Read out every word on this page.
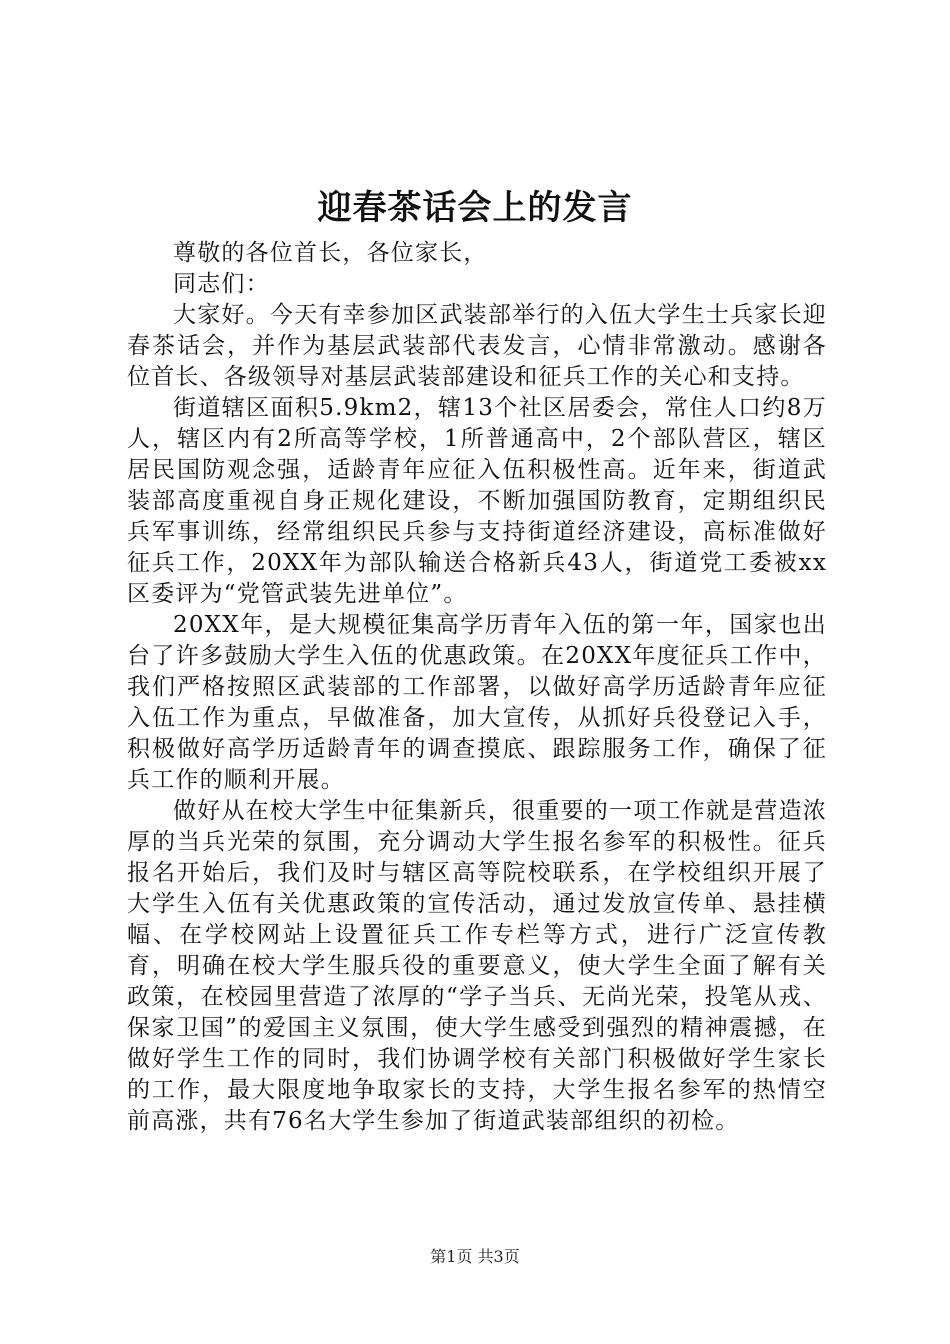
迎春茶话会上的发言

尊敬的各位首长，各位家长，

同志们：

大家好。今天有幸参加区武装部举行的入伍大学生士兵家长迎春茶话会，并作为基层武装部代表发言，心情非常激动。感谢各位首长、各级领导对基层武装部建设和征兵工作的关心和支持。

街道辖区面积5.9km2，辖13个社区居委会，常住人口约8万人，辖区内有2所高等学校，1所普通高中，2个部队营区，辖区居民国防观念强，适龄青年应征入伍积极性高。近年来，街道武装部高度重视自身正规化建设，不断加强国防教育，定期组织民兵军事训练，经常组织民兵参与支持街道经济建设，高标准做好征兵工作，20XX年为部队输送合格新兵43人，街道党工委被xx区委评为“党管武装先进单位”。

20XX年，是大规模征集高学历青年入伍的第一年，国家也出台了许多鼓励大学生入伍的优惠政策。在20XX年度征兵工作中，我们严格按照区武装部的工作部署，以做好高学历适龄青年应征入伍工作为重点，早做准备，加大宣传，从抓好兵役登记入手，积极做好高学历适龄青年的调查摸底、跟踪服务工作，确保了征兵工作的顺利开展。

做好从在校大学生中征集新兵，很重要的一项工作就是营造浓厚的当兵光荣的氛围，充分调动大学生报名参军的积极性。征兵报名开始后，我们及时与辖区高等院校联系，在学校组织开展了大学生入伍有关优惠政策的宣传活动，通过发放宣传单、悬挂横幅、在学校网站上设置征兵工作专栏等方式，进行广泛宣传教育，明确在校大学生服兵役的重要意义，使大学生全面了解有关政策，在校园里营造了浓厚的“学子当兵、无尚光荣，投笔从戎、保家卫国”的爱国主义氛围，使大学生感受到强烈的精神震撼，在做好学生工作的同时，我们协调学校有关部门积极做好学生家长的工作，最大限度地争取家长的支持，大学生报名参军的热情空前高涨，共有76名大学生参加了街道武装部组织的初检。

第1页 共3页
